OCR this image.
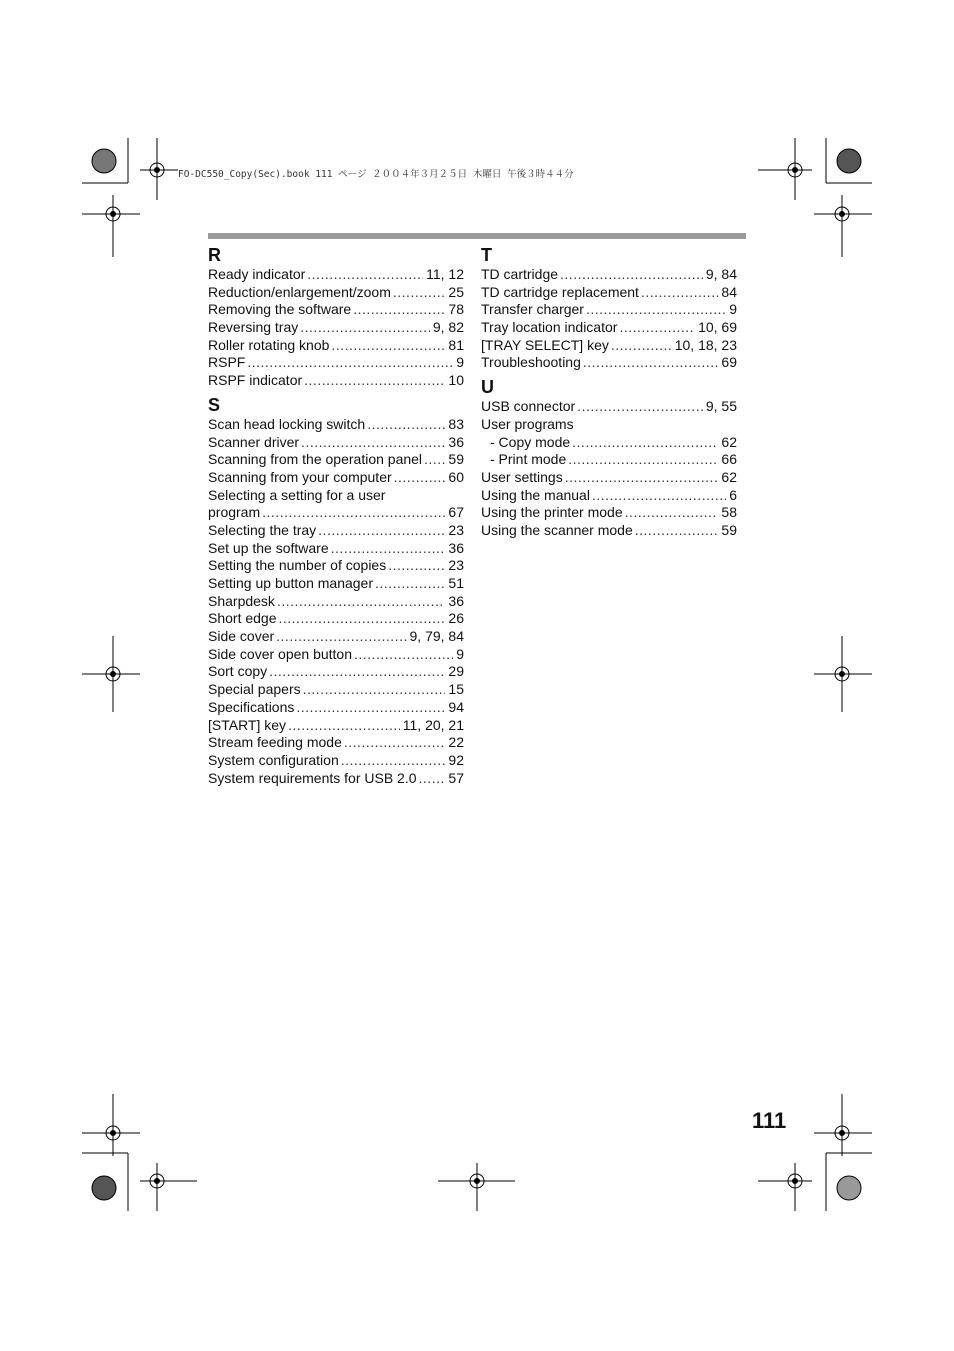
FO-DC550_Copy(Sec).book 111 ページ ２００４年３月２５日 木曜日 午後３時４４分
R
Ready indicator .....	11, 12
Reduction/enlargement/zoom .....	25
Removing the software .....	78
Reversing tray .....	9, 82
Roller rotating knob .....	81
RSPF .....	9
RSPF indicator .....	10
S
Scan head locking switch .....	83
Scanner driver .....	36
Scanning from the operation panel ..... 59
Scanning from your computer .....	60
Selecting a setting for a user
program .....	67
Selecting the tray .....	23
Set up the software .....	36
Setting the number of copies .....	23
Setting up button manager .....	51
Sharpdesk .....	36
Short edge .....	26
Side cover .....	9, 79, 84
Side cover open button .....	9
Sort copy .....	29
Special papers .....	15
Specifications .....	94
[START] key .....	11, 20, 21
Stream feeding mode .....	22
System configuration .....	92
System requirements for USB 2.0 ..... 57
T
TD cartridge .....	9, 84
TD cartridge replacement .....	84
Transfer charger .....	9
Tray location indicator .....	10, 69
[TRAY SELECT] key .....	10, 18, 23
Troubleshooting .....	69
U
USB connector .....	9, 55
User programs
- Copy mode .....	62
- Print mode .....	66
User settings .....	62
Using the manual .....	6
Using the printer mode .....	58
Using the scanner mode .....	59
111
